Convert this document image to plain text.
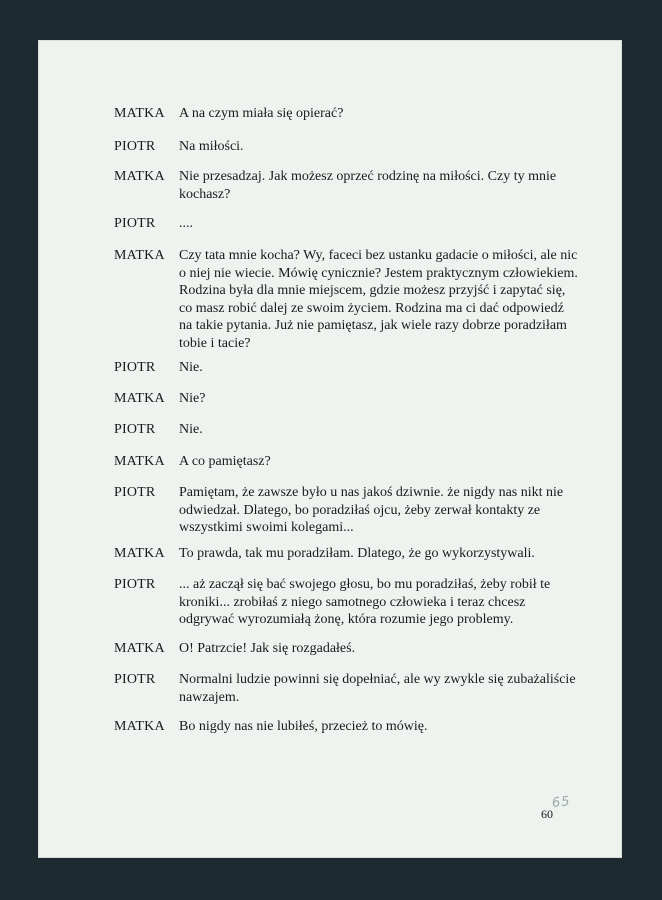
MATKA A na czym miała się opierać?
PIOTR Na miłości.
MATKA Nie przesadzaj. Jak możesz oprzeć rodzinę na miłości. Czy ty mnie kochasz?
PIOTR ....
MATKA Czy tata mnie kocha? Wy, faceci bez ustanku gadacie o miłości, ale nic o niej nie wiecie. Mówię cynicznie? Jestem praktycznym człowiekiem. Rodzina była dla mnie miejscem, gdzie możesz przyjść i zapytać się, co masz robić dalej ze swoim życiem. Rodzina ma ci dać odpowiedź na takie pytania. Już nie pamiętasz, jak wiele razy dobrze poradziłam tobie i tacie?
PIOTR Nie.
MATKA Nie?
PIOTR Nie.
MATKA A co pamiętasz?
PIOTR Pamiętam, że zawsze było u nas jakoś dziwnie. że nigdy nas nikt nie odwiedzał. Dlatego, bo poradziłaś ojcu, żeby zerwał kontakty ze wszystkimi swoimi kolegami...
MATKA To prawda, tak mu poradziłam. Dlatego, że go wykorzystywali.
PIOTR ... aż zaczął się bać swojego głosu, bo mu poradziłaś, żeby robił te kroniki... zrobiłaś z niego samotnego człowieka i teraz chcesz odgrywać wyrozumiałą żonę, która rozumie jego problemy.
MATKA O! Patrzcie! Jak się rozgadałeś.
PIOTR Normalni ludzie powinni się dopełniać, ale wy zwykle się zubażaliście nawzajem.
MATKA Bo nigdy nas nie lubiłeś, przecież to mówię.
60
65
